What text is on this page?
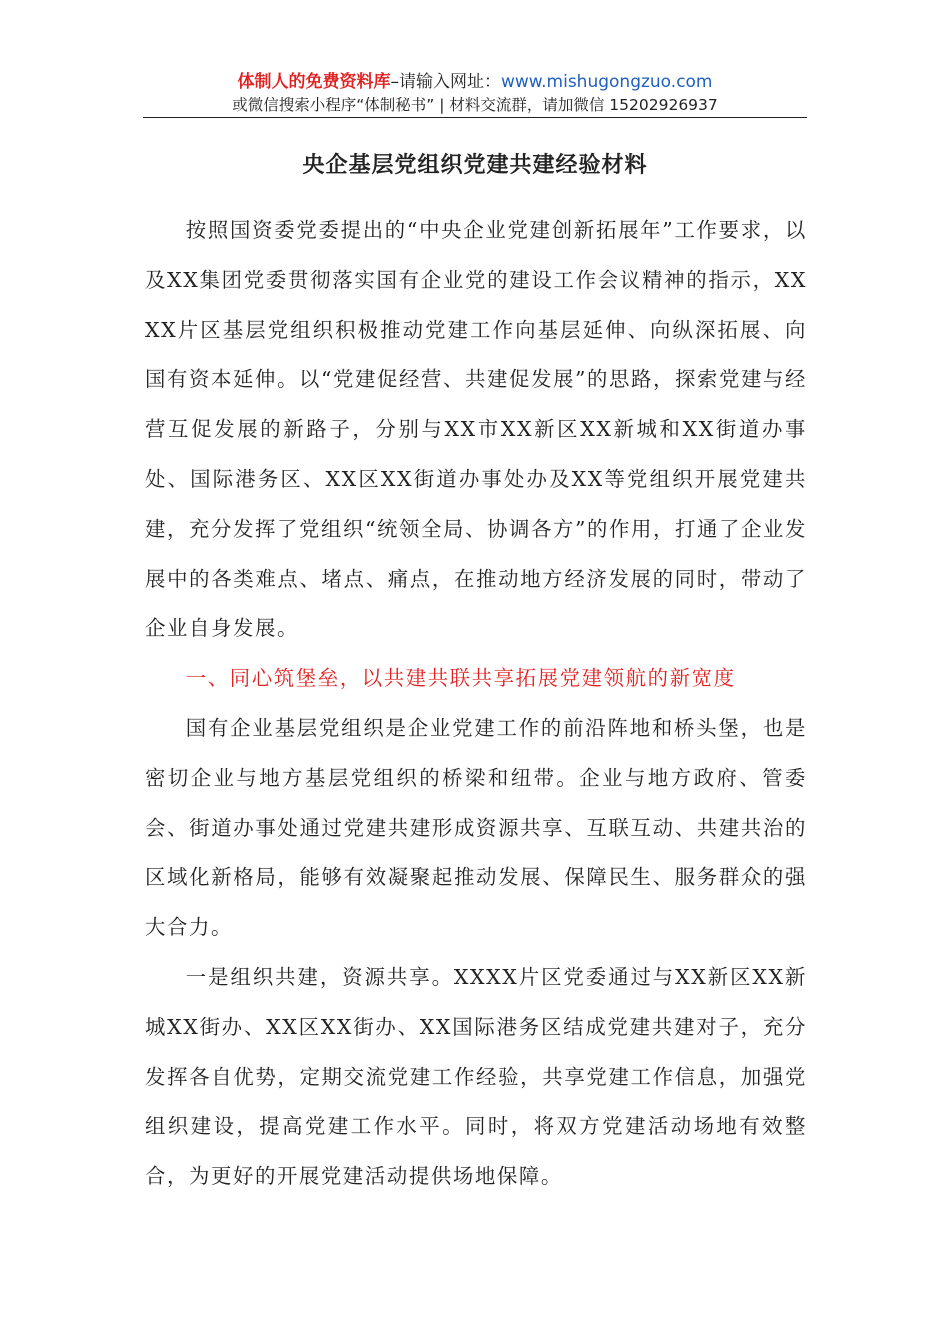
体制人的免费资料库–请输入网址：www.mishugongzuo.com
或微信搜索小程序“体制秘书” | 材料交流群，请加微信 15202926937
央企基层党组织党建共建经验材料

按照国资委党委提出的“中央企业党建创新拓展年”工作要求，以及XX集团党委贯彻落实国有企业党的建设工作会议精神的指示，XXXX片区基层党组织积极推动党建工作向基层延伸、向纵深拓展、向国有资本延伸。以“党建促经营、共建促发展”的思路，探索党建与经营互促发展的新路子，分别与XX市XX新区XX新城和XX街道办事处、国际港务区、XX区XX街道办事处办及XX等党组织开展党建共建，充分发挥了党组织“统领全局、协调各方”的作用，打通了企业发展中的各类难点、堵点、痛点，在推动地方经济发展的同时，带动了企业自身发展。

一、同心筑堡垒，以共建共联共享拓展党建领航的新宽度

国有企业基层党组织是企业党建工作的前沿阵地和桥头堡，也是密切企业与地方基层党组织的桥梁和纽带。企业与地方政府、管委会、街道办事处通过党建共建形成资源共享、互联互动、共建共治的区域化新格局，能够有效凝聚起推动发展、保障民生、服务群众的强大合力。

一是组织共建，资源共享。XXXX片区党委通过与XX新区XX新城XX街办、XX区XX街办、XX国际港务区结成党建共建对子，充分发挥各自优势，定期交流党建工作经验，共享党建工作信息，加强党组织建设，提高党建工作水平。同时，将双方党建活动场地有效整合，为更好的开展党建活动提供场地保障。
